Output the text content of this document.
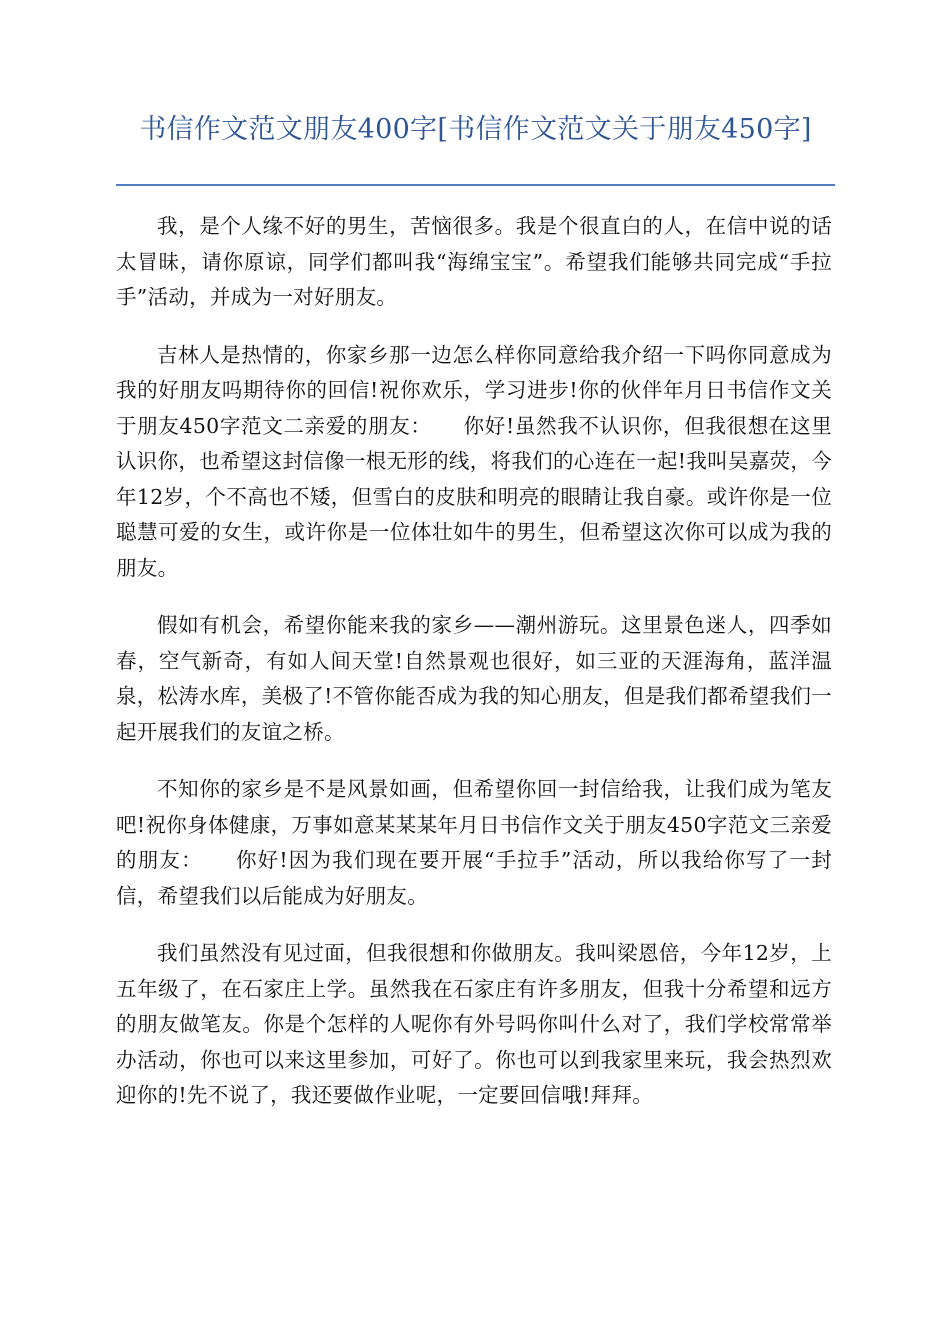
书信作文范文朋友400字[书信作文范文关于朋友450字]

我，是个人缘不好的男生，苦恼很多。我是个很直白的人，在信中说的话太冒昧，请你原谅，同学们都叫我“海绵宝宝”。希望我们能够共同完成“手拉手”活动，并成为一对好朋友。

吉林人是热情的，你家乡那一边怎么样你同意给我介绍一下吗你同意成为我的好朋友吗期待你的回信!祝你欢乐，学习进步!你的伙伴年月日书信作文关于朋友450字范文二亲爱的朋友：　　你好!虽然我不认识你，但我很想在这里认识你，也希望这封信像一根无形的线，将我们的心连在一起!我叫吴嘉荧，今年12岁，个不高也不矮，但雪白的皮肤和明亮的眼睛让我自豪。或许你是一位聪慧可爱的女生，或许你是一位体壮如牛的男生，但希望这次你可以成为我的朋友。

假如有机会，希望你能来我的家乡——潮州游玩。这里景色迷人，四季如春，空气新奇，有如人间天堂!自然景观也很好，如三亚的天涯海角，蓝洋温泉，松涛水库，美极了!不管你能否成为我的知心朋友，但是我们都希望我们一起开展我们的友谊之桥。

不知你的家乡是不是风景如画，但希望你回一封信给我，让我们成为笔友吧!祝你身体健康，万事如意某某某年月日书信作文关于朋友450字范文三亲爱的朋友：　　你好!因为我们现在要开展“手拉手”活动，所以我给你写了一封信，希望我们以后能成为好朋友。

我们虽然没有见过面，但我很想和你做朋友。我叫梁恩倍，今年12岁，上五年级了，在石家庄上学。虽然我在石家庄有许多朋友，但我十分希望和远方的朋友做笔友。你是个怎样的人呢你有外号吗你叫什么对了，我们学校常常举办活动，你也可以来这里参加，可好了。你也可以到我家里来玩，我会热烈欢迎你的!先不说了，我还要做作业呢，一定要回信哦!拜拜。
